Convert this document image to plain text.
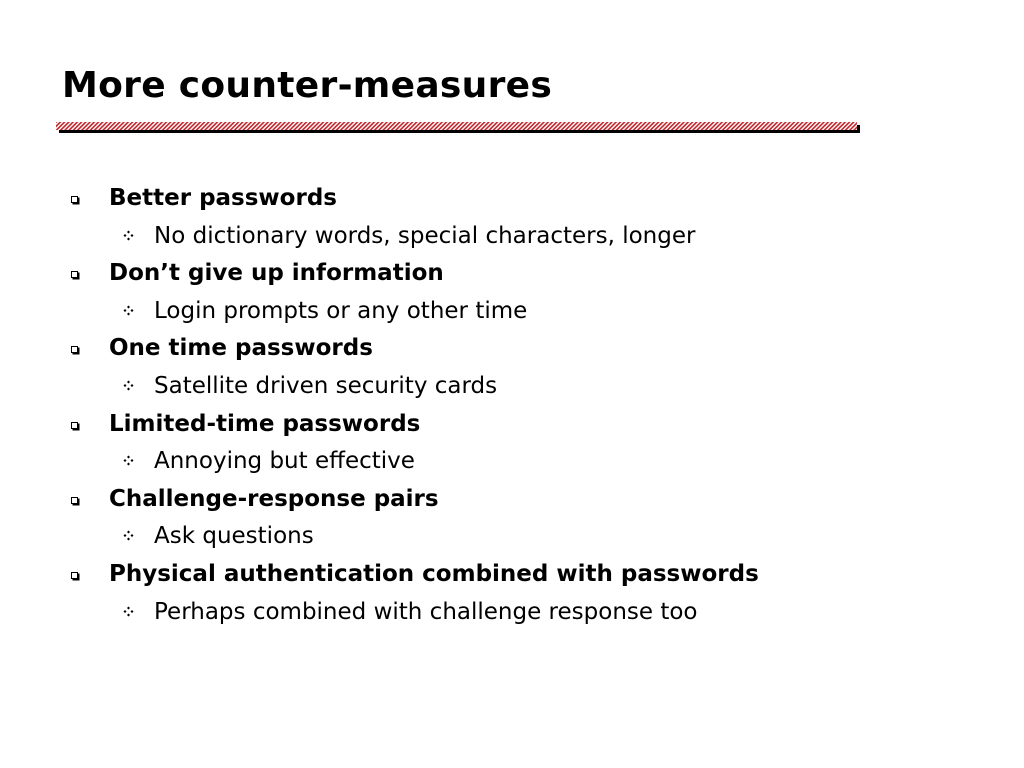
More counter-measures
Better passwords
No dictionary words, special characters, longer
Don’t give up information
Login prompts or any other time
One time passwords
Satellite driven security cards
Limited-time passwords
Annoying but effective
Challenge-response pairs
Ask questions
Physical authentication combined with passwords
Perhaps combined with challenge response too
